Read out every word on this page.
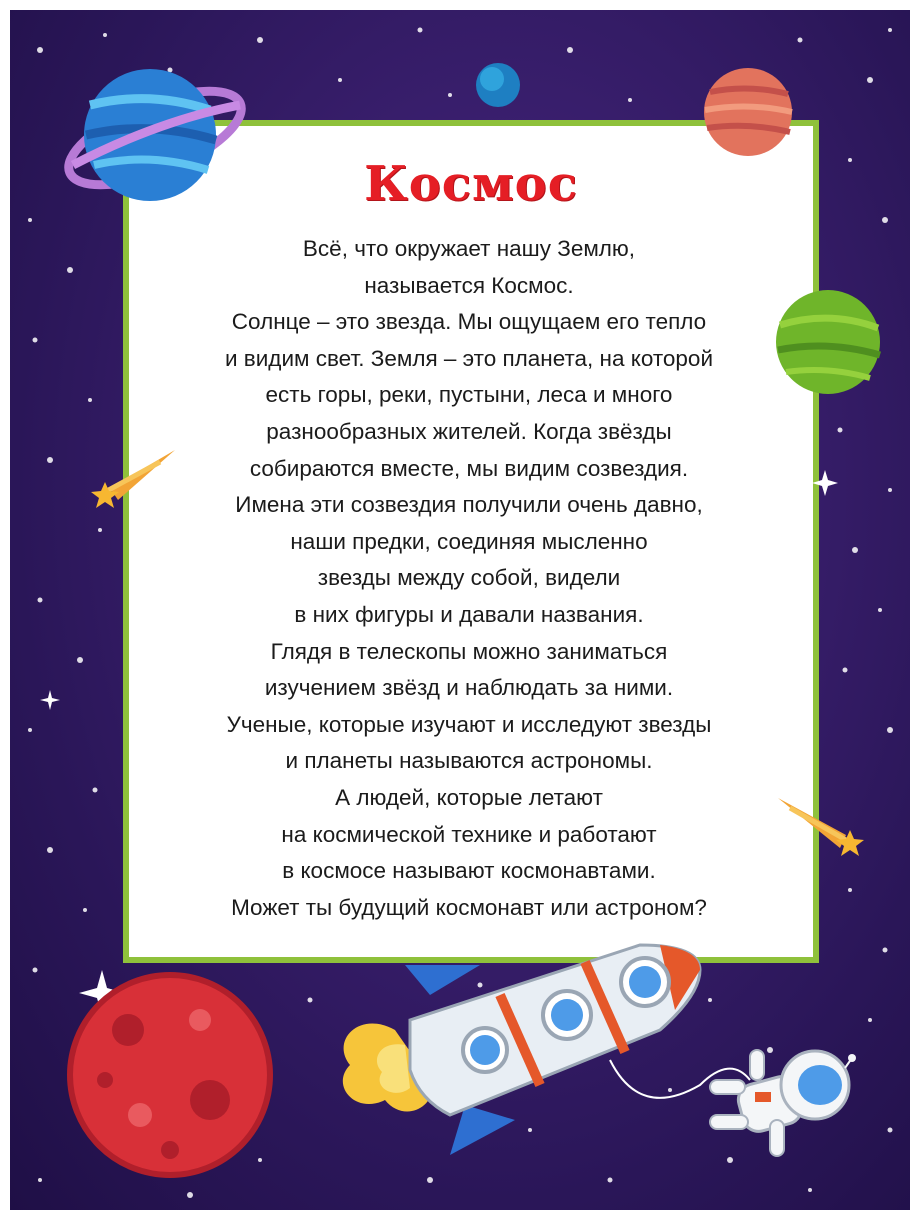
Космос
Всё, что окружает нашу Землю,
называется Космос.
Солнце – это звезда. Мы ощущаем его тепло
и видим свет. Земля – это планета, на которой
есть горы, реки, пустыни, леса и много
разнообразных жителей. Когда звёзды
собираются вместе, мы видим созвездия.
Имена эти созвездия получили очень давно,
наши предки, соединяя мысленно
звезды между собой, видели
в них фигуры и давали названия.
Глядя в телескопы можно заниматься
изучением звёзд и наблюдать за ними.
Ученые, которые изучают и исследуют звезды
и планеты называются астрономы.
А людей, которые летают
на космической технике и работают
в космосе называют космонавтами.
Может ты будущий космонавт или астроном?
